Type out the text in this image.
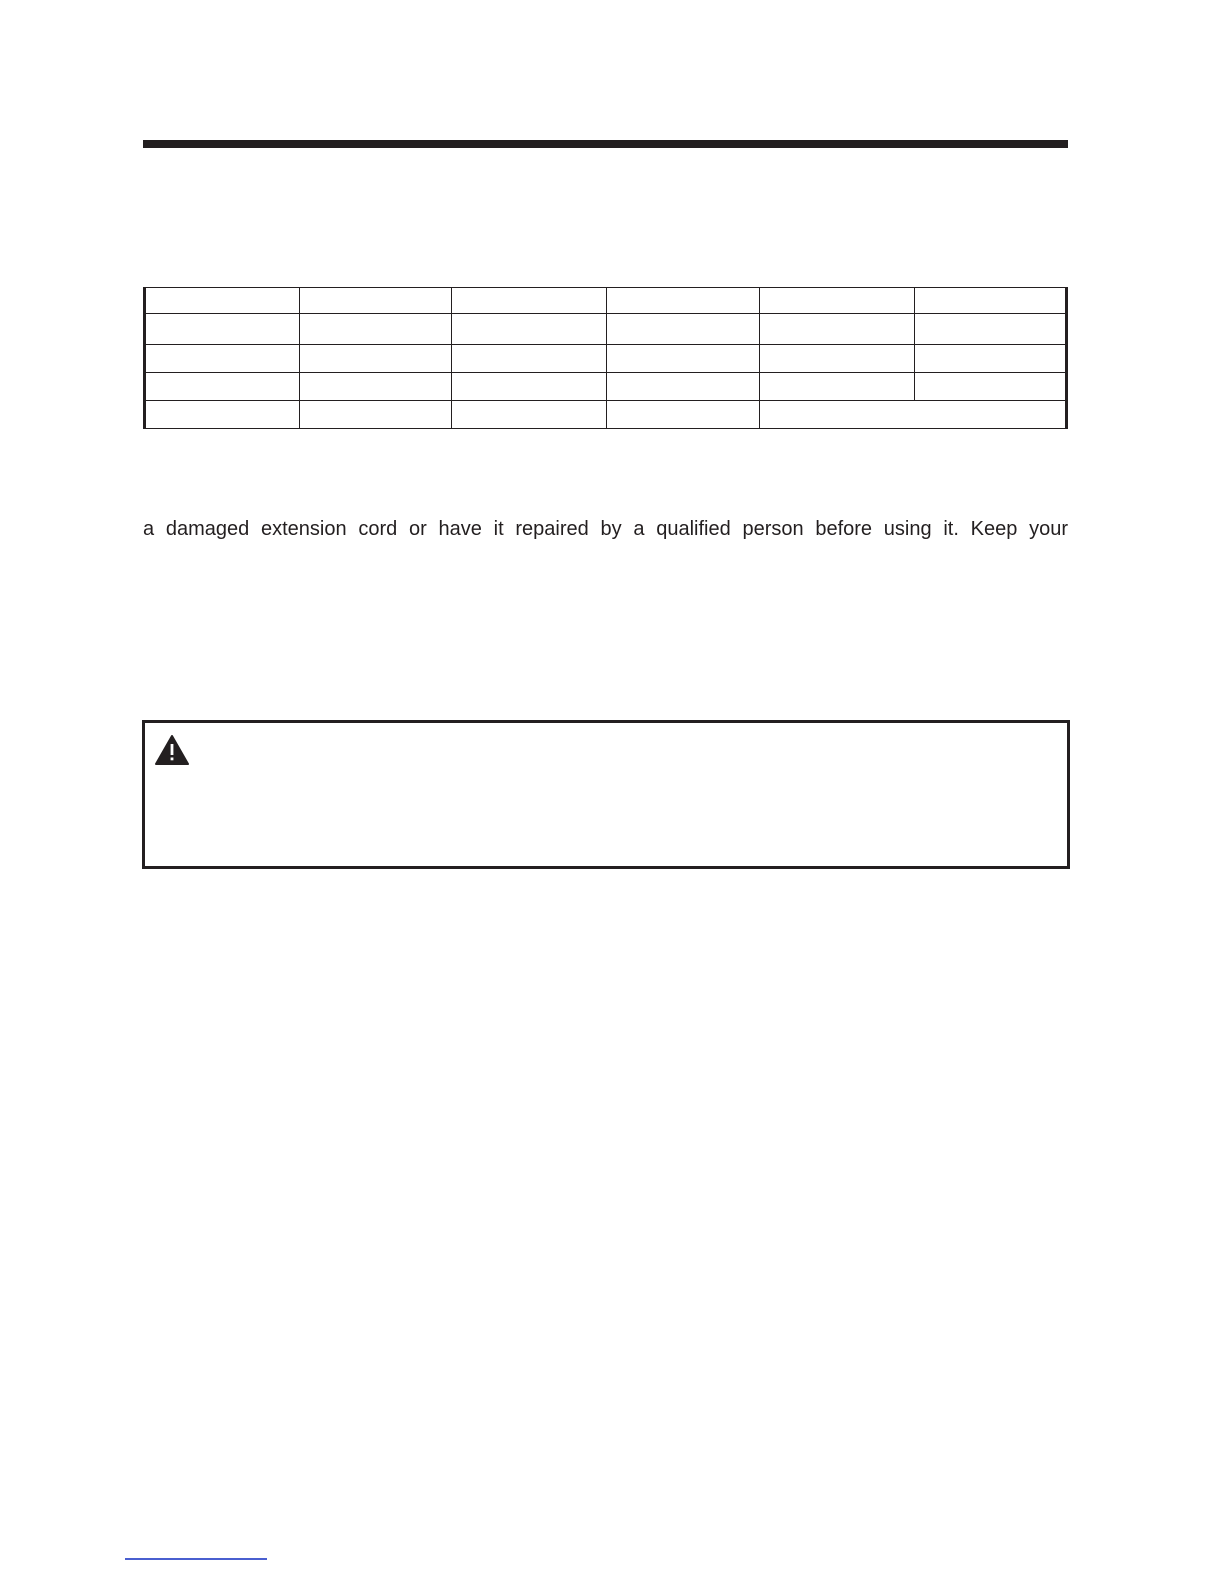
a damaged extension cord or have it repaired by a qualified person before using it. Keep your
